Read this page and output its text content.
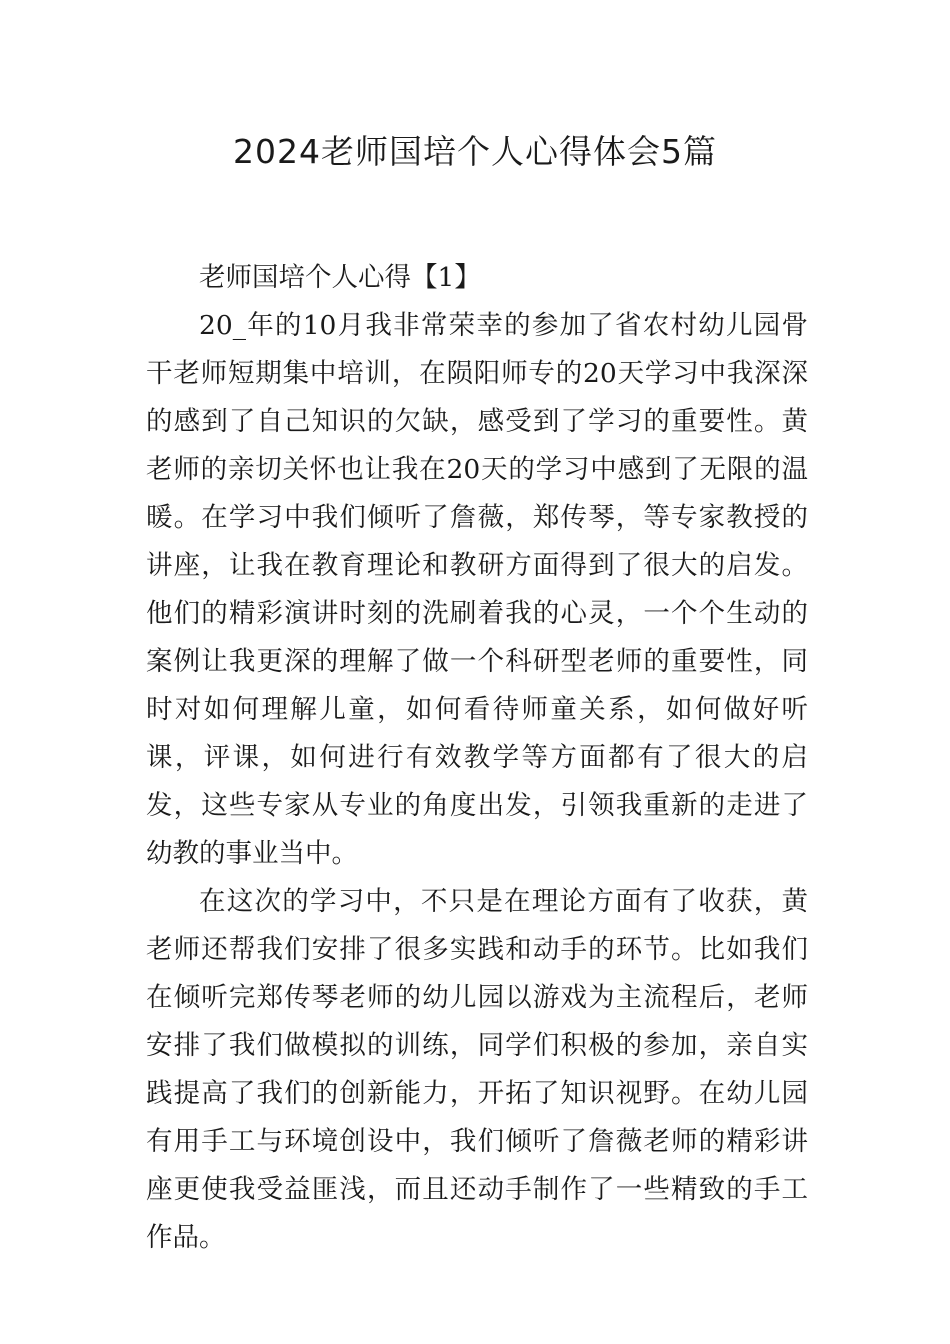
2024老师国培个人心得体会5篇

老师国培个人心得【1】

20_年的10月我非常荣幸的参加了省农村幼儿园骨干老师短期集中培训，在陨阳师专的20天学习中我深深的感到了自己知识的欠缺，感受到了学习的重要性。黄老师的亲切关怀也让我在20天的学习中感到了无限的温暖。在学习中我们倾听了詹薇，郑传琴，等专家教授的讲座，让我在教育理论和教研方面得到了很大的启发。他们的精彩演讲时刻的洗刷着我的心灵，一个个生动的案例让我更深的理解了做一个科研型老师的重要性，同时对如何理解儿童，如何看待师童关系，如何做好听课，评课，如何进行有效教学等方面都有了很大的启发，这些专家从专业的角度出发，引领我重新的走进了幼教的事业当中。

在这次的学习中，不只是在理论方面有了收获，黄老师还帮我们安排了很多实践和动手的环节。比如我们在倾听完郑传琴老师的幼儿园以游戏为主流程后，老师安排了我们做模拟的训练，同学们积极的参加，亲自实践提高了我们的创新能力，开拓了知识视野。在幼儿园有用手工与环境创设中，我们倾听了詹薇老师的精彩讲座更使我受益匪浅，而且还动手制作了一些精致的手工作品。
